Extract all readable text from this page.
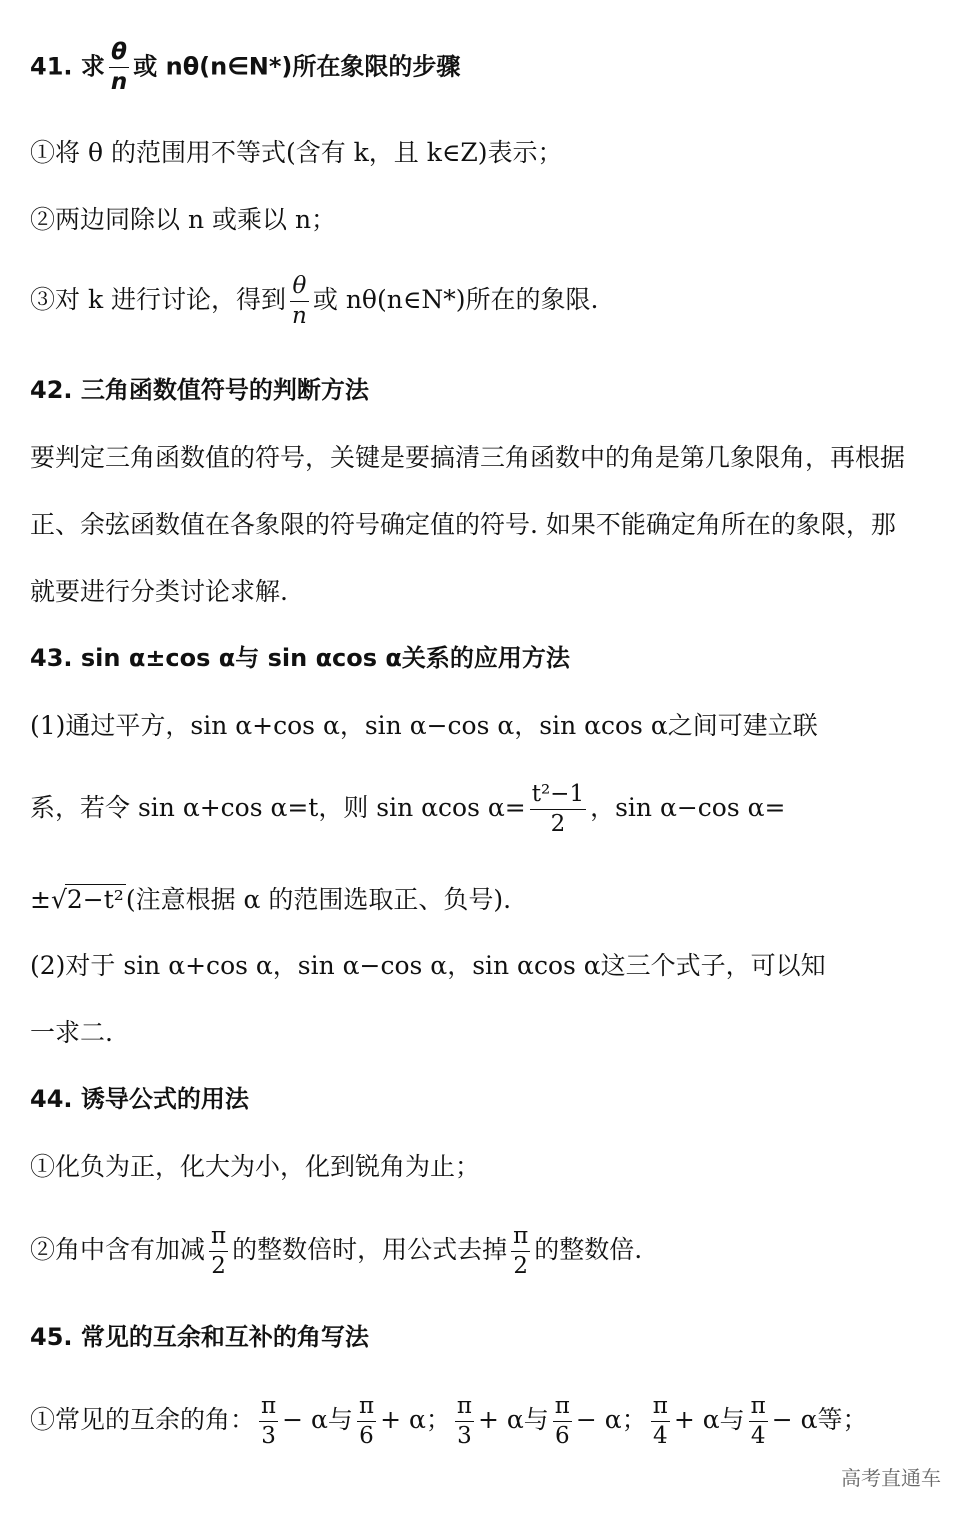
41. 求 $\frac{\theta}{n}$ 或 nθ(n∈N*)所在象限的步骤
①将 θ 的范围用不等式(含有 k，且 k∈Z)表示；
②两边同除以 n 或乘以 n；
③对 k 进行讨论，得到 $\frac{\theta}{n}$ 或 nθ(n∈N*)所在的象限.
42. 三角函数值符号的判断方法
要判定三角函数值的符号，关键是要搞清三角函数中的角是第几象限角，再根据
正、余弦函数值在各象限的符号确定值的符号. 如果不能确定角所在的象限，那
就要进行分类讨论求解.
43. sin α±cos α与 sin αcos α关系的应用方法
(1)通过平方，sin α+cos α，sin α−cos α，sin αcos α之间可建立联
系，若令 sin α+cos α=t，则 sin αcos $\alpha= \frac{\text{t²−1}}{2}$ ，sin α−cos α=
±√2−t²(注意根据 α 的范围选取正、负号).
(2)对于 sin α+cos α，sin α−cos α，sin αcos α这三个式子，可以知
一求二.
44. 诱导公式的用法
①化负为正，化大为小，化到锐角为止；
②角中含有加减 $\frac{\pi}{2}$ 的整数倍时，用公式去掉 $\frac{\pi}{2}$ 的整数倍.
45. 常见的互余和互补的角写法
①常见的互余的角： $\frac{\pi}{3} - \alpha$与 $\frac{\pi}{6} + \alpha$； $\frac{\pi}{3} + \alpha$与 $\frac{\pi}{6} - \alpha$； $\frac{\pi}{4} + \alpha$与 $\frac{\pi}{4} - \alpha$等；
高考直通车
